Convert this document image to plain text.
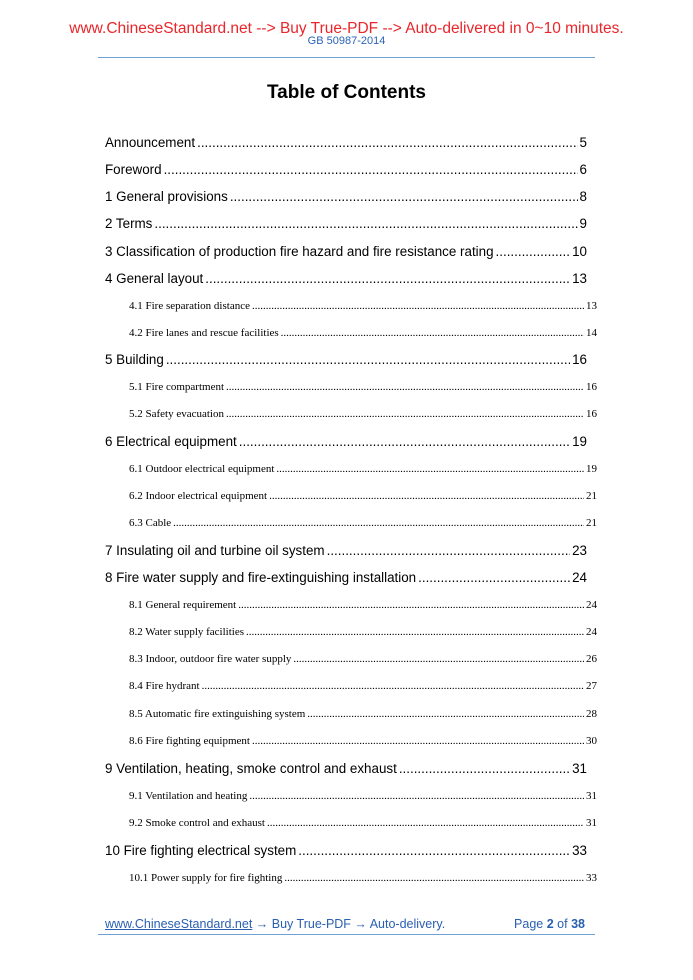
www.ChineseStandard.net --> Buy True-PDF --> Auto-delivered in 0~10 minutes.
GB 50987-2014
Table of Contents
Announcement .....	5
Foreword .....	6
1 General provisions .....	8
2 Terms .....	9
3 Classification of production fire hazard and fire resistance rating .....	10
4 General layout .....	13
4.1 Fire separation distance .....	13
4.2 Fire lanes and rescue facilities .....	14
5 Building .....	16
5.1 Fire compartment .....	16
5.2 Safety evacuation .....	16
6 Electrical equipment .....	19
6.1 Outdoor electrical equipment .....	19
6.2 Indoor electrical equipment .....	21
6.3 Cable .....	21
7 Insulating oil and turbine oil system .....	23
8 Fire water supply and fire-extinguishing installation .....	24
8.1 General requirement .....	24
8.2 Water supply facilities .....	24
8.3 Indoor, outdoor fire water supply .....	26
8.4 Fire hydrant .....	27
8.5 Automatic fire extinguishing system .....	28
8.6 Fire fighting equipment .....	30
9 Ventilation, heating, smoke control and exhaust .....	31
9.1 Ventilation and heating .....	31
9.2 Smoke control and exhaust .....	31
10 Fire fighting electrical system .....	33
10.1 Power supply for fire fighting .....	33
www.ChineseStandard.net → Buy True-PDF → Auto-delivery.	Page 2 of 38
